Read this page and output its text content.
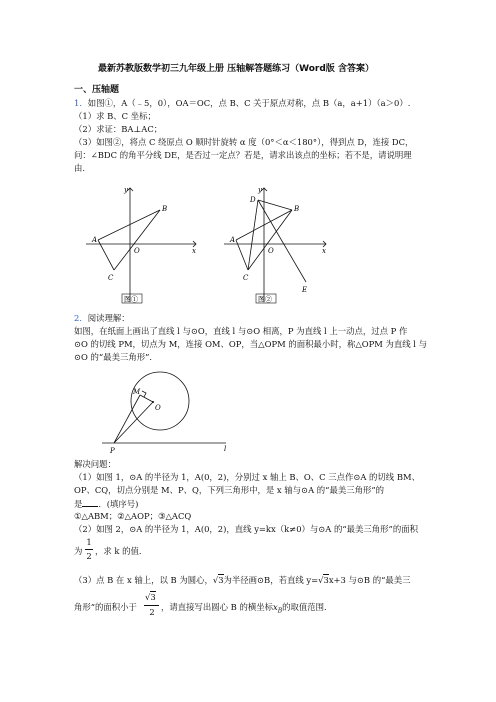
最新苏教版数学初三九年级上册 压轴解答题练习（Word版 含答案）
一、压轴题
1．如图①，A（﹣5，0），OA＝OC，点 B、C 关于原点对称，点 B（a，a+1）（a＞0）.
（1）求 B、C 坐标；
（2）求证：BA⊥AC；
（3）如图②，将点 C 绕原点 O 顺时针旋转 α 度（0°＜α＜180°），得到点 D，连接 DC，
问：∠BDC 的角平分线 DE，是否过一定点？若是，请求出该点的坐标；若不是，请说明理
由.
A
B
C
O	x
y
图①
A
B
C
D
E
O	x
y
图②
2．阅读理解：
如图，在纸面上画出了直线 l 与⊙O，直线 l 与⊙O 相离，P 为直线 l 上一动点，过点 P 作
⊙O 的切线 PM，切点为 M，连接 OM、OP，当△OPM 的面积最小时，称△OPM 为直线 l 与
⊙O 的“最美三角形”．
M
O
P	l
解决问题：
（1）如图 1，⊙A 的半径为 1，A(0，2)，分别过 x 轴上 B、O、C 三点作⊙A 的切线 BM、
OP、CQ，切点分别是 M、P、Q，下列三角形中，是 x 轴与⊙A 的“最美三角形”的
是 ．(填序号)
①△ABM；②△AOP；③△ACQ
（2）如图 2，⊙A 的半径为 1，A(0，2)，直线 y=kx（k≠0）与⊙A 的“最美三角形”的面积
为
1
2 ，求 k 的值.
（3）点 B 在 x 轴上，以 B 为圆心，√3为半径画⊙B，若直线 y=√3x+3 与⊙B 的“最美三
角形”的面积小于
√3
2 ，请直接写出圆心 B 的横坐标$x_B$的取值范围.
